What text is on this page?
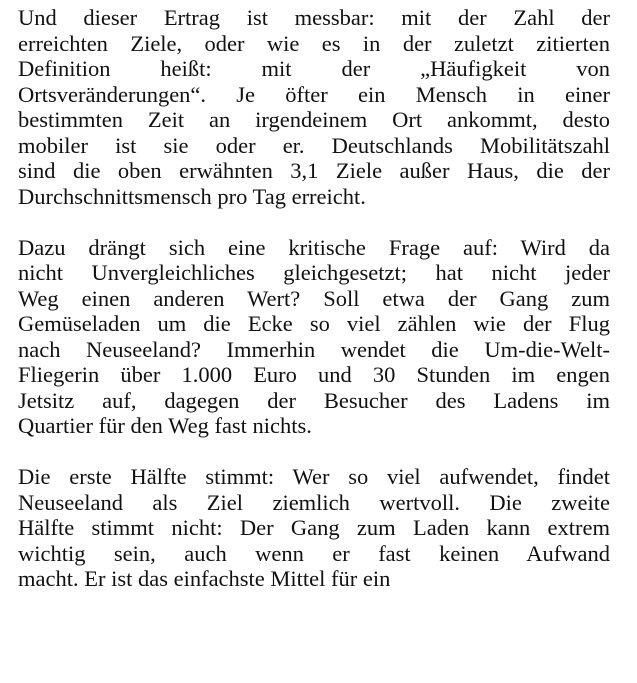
Und dieser Ertrag ist messbar: mit der Zahl der
erreichten Ziele, oder wie es in der zuletzt zitierten
Definition heißt: mit der „Häufigkeit von
Ortsveränderungen“. Je öfter ein Mensch in einer
bestimmten Zeit an irgendeinem Ort ankommt, desto
mobiler ist sie oder er. Deutschlands Mobilitätszahl
sind die oben erwähnten 3,1 Ziele außer Haus, die der
Durchschnittsmensch pro Tag erreicht.

Dazu drängt sich eine kritische Frage auf: Wird da
nicht Unvergleichliches gleichgesetzt; hat nicht jeder
Weg einen anderen Wert? Soll etwa der Gang zum
Gemüseladen um die Ecke so viel zählen wie der Flug
nach Neuseeland? Immerhin wendet die Um-die-Welt-
Fliegerin über 1.000 Euro und 30 Stunden im engen
Jetsitz auf, dagegen der Besucher des Ladens im
Quartier für den Weg fast nichts.

Die erste Hälfte stimmt: Wer so viel aufwendet, findet
Neuseeland als Ziel ziemlich wertvoll. Die zweite
Hälfte stimmt nicht: Der Gang zum Laden kann extrem
wichtig sein, auch wenn er fast keinen Aufwand
macht. Er ist das einfachste Mittel für ein
